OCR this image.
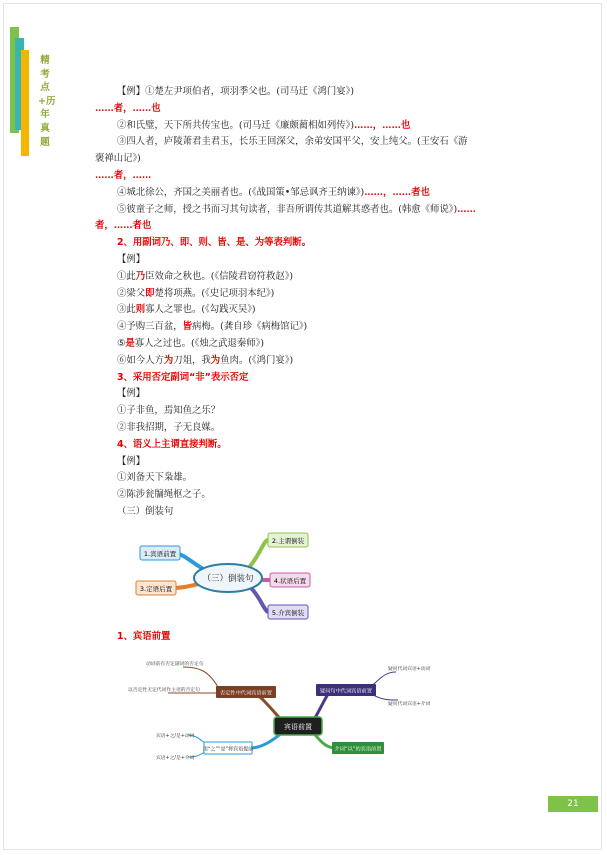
精考点+历年真题
【例】①楚左尹项伯者，项羽季父也。(司马迁《鸿门宴》)
……者，……也
②和氏璧，天下所共传宝也。(司马迁《廉颇蔺相如列传》)……，……也
③四人者，庐陵萧君圭君玉，长乐王回深父，余弟安国平父，安上纯父。(王安石《游
褒禅山记》)
……者，……
④城北徐公，齐国之美丽者也。(《战国策•邹忌讽齐王纳谏》)……，……者也
⑤彼童子之师，授之书而习其句读者，非吾所谓传其道解其惑者也。(韩愈《师说》)……
者，……者也
2、用副词乃、即、则、皆、是、为等表判断。
【例】
①此乃臣效命之秋也。(《信陵君窃符救赵》)
②梁父即楚将项燕。(《史记项羽本纪》)
③此则寡人之罪也。(《勾践灭吴》)
④予购三百盆，皆病梅。(龚自珍《病梅馆记》)
⑤是寡人之过也。(《烛之武退秦师》)
⑥如今人方为刀俎，我为鱼肉。(《鸿门宴》)
3、采用否定副词“非”表示否定
【例】
①子非鱼，焉知鱼之乐？
②非我招期，子无良媒。
4、语义上主谓直接判断。
【例】
①刘备天下枭雄。
②陈涉瓮牖绳枢之子。
（三）倒装句
（三）倒装句
1.宾语前置
3.定语后置
2.主谓倒装
4.状语后置
5.介宾倒装
1、宾语前置
宾语前置
否定性中代词宾语前置	疑问句中代词宾语前置
用“之”“是”将宾语提前	介词“以”的宾语前置
动词前有否定副词的否定句
以否定性无定代词作主语的否定句
疑问代词宾语+动词
疑问代词宾语+介词
宾语+之/是+动词
宾语+之/是+介词
21
